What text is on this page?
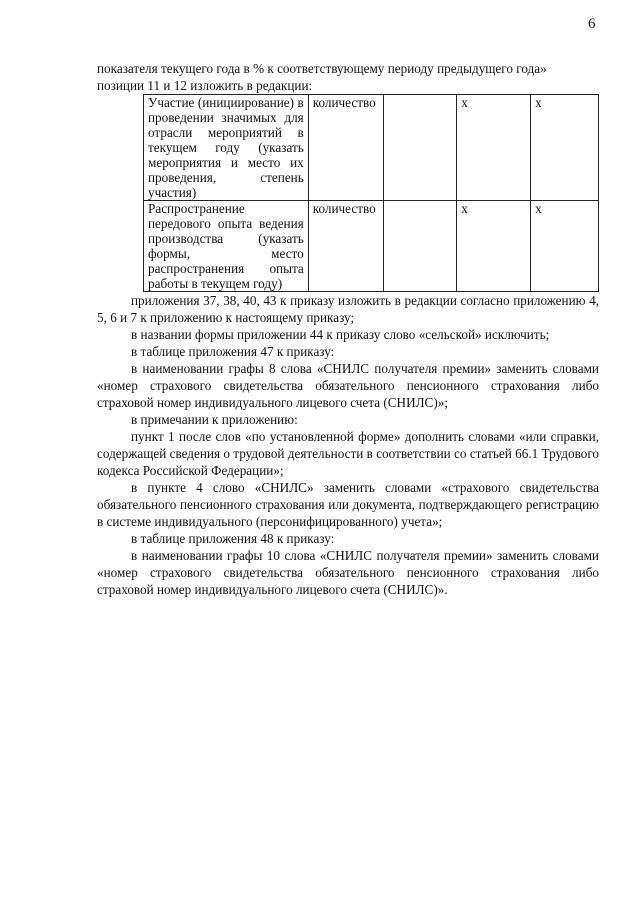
6

показателя текущего года в % к соответствующему периоду предыдущего года»

позиции 11 и 12 изложить в редакции:

Участие (инициирование) в проведении значимых для отрасли мероприятий в текущем году (указать мероприятия и место их проведения, степень участия)	количество		x	x
Распространение передового опыта ведения производства (указать формы, место распространения опыта работы в текущем году)	количество		x	x

приложения 37, 38, 40, 43 к приказу изложить в редакции согласно приложению 4, 5, 6 и 7 к приложению к настоящему приказу;

в названии формы приложении 44 к приказу слово «сельской» исключить;

в таблице приложения 47 к приказу:

в наименовании графы 8 слова «СНИЛС получателя премии» заменить словами «номер страхового свидетельства обязательного пенсионного страхования либо страховой номер индивидуального лицевого счета (СНИЛС)»;

в примечании к приложению:

пункт 1 после слов «по установленной форме» дополнить словами «или справки, содержащей сведения о трудовой деятельности в соответствии со статьей 66.1 Трудового кодекса Российской Федерации»;

в пункте 4 слово «СНИЛС» заменить словами «страхового свидетельства обязательного пенсионного страхования или документа, подтверждающего регистрацию в системе индивидуального (персонифицированного) учета»;

в таблице приложения 48 к приказу:

в наименовании графы 10 слова «СНИЛС получателя премии» заменить словами «номер страхового свидетельства обязательного пенсионного страхования либо страховой номер индивидуального лицевого счета (СНИЛС)».
